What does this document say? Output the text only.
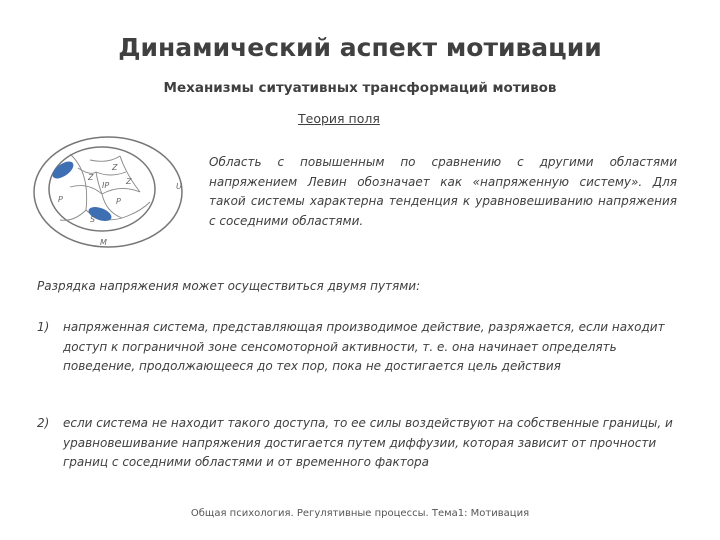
Динамический аспект мотивации
Механизмы ситуативных трансформаций мотивов
Теория поля
U
M
P	P
Z
Z
Z
IP
S

Область с повышенным по сравнению с другими областями напряжением Левин обозначает как «напряженную систему». Для такой системы характерна тенденция к уравновешиванию напряжения с соседними областями.

Разрядка напряжения может осуществиться двумя путями:

1)	напряженная система, представляющая производимое действие, разряжается, если находит доступ к пограничной зоне сенсомоторной активности, т. е. она начинает определять поведение, продолжающееся до тех пор, пока не достигается цель действия
2)	если система не находит такого доступа, то ее силы воздействуют на собственные границы, и уравновешивание напряжения достигается путем диффузии, которая зависит от прочности границ с соседними областями и от временного фактора
Общая психология. Регулятивные процессы. Тема1: Мотивация
